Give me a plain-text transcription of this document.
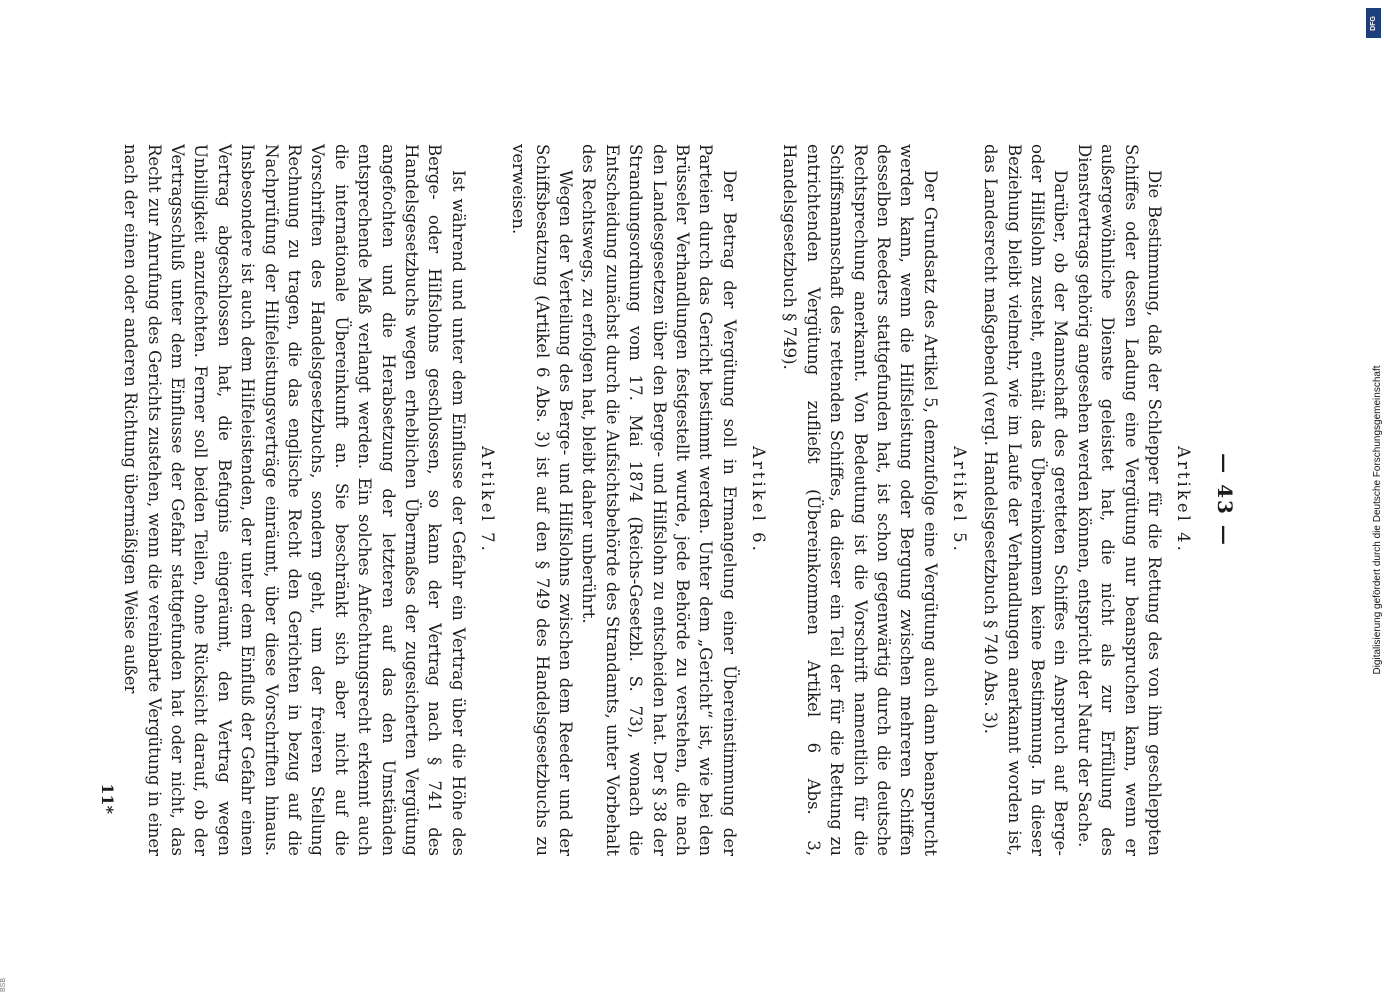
— 43 —
Artikel 4.

Die Bestimmung, daß der Schlepper für die Rettung des von ihm geschleppten Schiffes oder dessen Ladung eine Vergütung nur beanspruchen kann, wenn er außergewöhnliche Dienste geleistet hat, die nicht als zur Erfüllung des Dienstvertrags gehörig angesehen werden können, entspricht der Natur der Sache.

Darüber, ob der Mannschaft des geretteten Schiffes ein Anspruch auf Berge- oder Hilfslohn zusteht, enthält das Übereinkommen keine Bestimmung. In dieser Beziehung bleibt vielmehr, wie im Laufe der Verhandlungen anerkannt worden ist, das Landesrecht maßgebend (vergl. Handelsgesetzbuch § 740 Abs. 3).

Artikel 5.

Der Grundsatz des Artikel 5, demzufolge eine Vergütung auch dann beansprucht werden kann, wenn die Hilfsleistung oder Bergung zwischen mehreren Schiffen desselben Reeders stattgefunden hat, ist schon gegenwärtig durch die deutsche Rechtsprechung anerkannt. Von Bedeutung ist die Vorschrift namentlich für die Schiffsmannschaft des rettenden Schiffes, da dieser ein Teil der für die Rettung zu entrichtenden Vergütung zufließt (Übereinkommen Artikel 6 Abs. 3, Handelsgesetzbuch § 749).

Artikel 6.

Der Betrag der Vergütung soll in Ermangelung einer Übereinstimmung der Parteien durch das Gericht bestimmt werden. Unter dem „Gericht“ ist, wie bei den Brüsseler Verhandlungen festgestellt wurde, jede Behörde zu verstehen, die nach den Landesgesetzen über den Berge- und Hilfslohn zu entscheiden hat. Der § 38 der Strandungsordnung vom 17. Mai 1874 (Reichs-Gesetzbl. S. 73), wonach die Entscheidung zunächst durch die Aufsichtsbehörde des Strandamts, unter Vorbehalt des Rechtswegs, zu erfolgen hat, bleibt daher unberührt.

Wegen der Verteilung des Berge- und Hilfslohns zwischen dem Reeder und der Schiffsbesatzung (Artikel 6 Abs. 3) ist auf den § 749 des Handelsgesetzbuchs zu verweisen.

Artikel 7.

Ist während und unter dem Einflusse der Gefahr ein Vertrag über die Höhe des Berge- oder Hilfslohns geschlossen, so kann der Vertrag nach § 741 des Handelsgesetzbuchs wegen erheblichen Übermaßes der zugesicherten Vergütung angefochten und die Herabsetzung der letzteren auf das den Umständen entsprechende Maß verlangt werden. Ein solches Anfechtungsrecht erkennt auch die internationale Übereinkunft an. Sie beschränkt sich aber nicht auf die Vorschriften des Handelsgesetzbuchs, sondern geht, um der freieren Stellung Rechnung zu tragen, die das englische Recht den Gerichten in bezug auf die Nachprüfung der Hilfeleistungsverträge einräumt, über diese Vorschriften hinaus. Insbesondere ist auch dem Hilfeleistenden, der unter dem Einfluß der Gefahr einen Vertrag abgeschlossen hat, die Befugnis eingeräumt, den Vertrag wegen Unbilligkeit anzufechten. Ferner soll beiden Teilen, ohne Rücksicht darauf, ob der Vertragsschluß unter dem Einflusse der Gefahr stattgefunden hat oder nicht, das Recht zur Anrufung des Gerichts zustehen, wenn die vereinbarte Vergütung in einer nach der einen oder anderen Richtung übermäßigen Weise außer

11*
Digitalisierung gefördert durch die Deutsche Forschungsgemeinschaft
DFG
BSB
